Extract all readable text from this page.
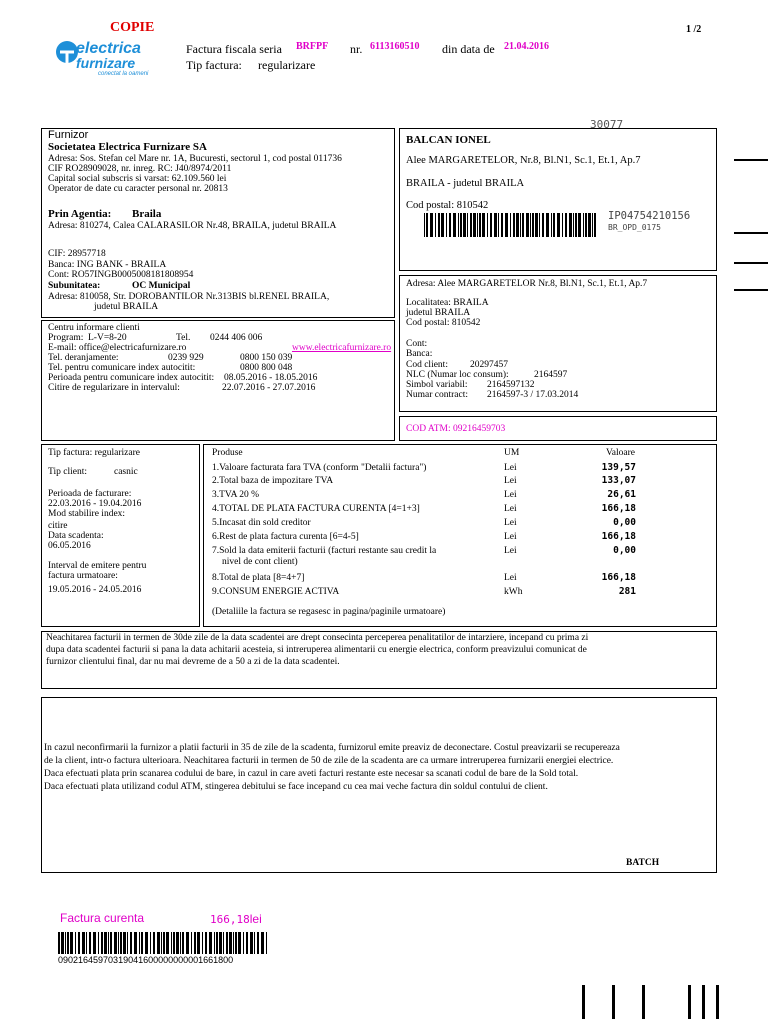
COPIE	1 /2
electrica
furnizare
conectat la oameni
Factura fiscala seria BRFPF nr. 6113160510 din data de 21.04.2016
Tip factura: regularizare
30077
Furnizor
Societatea Electrica Furnizare SA
Adresa: Sos. Stefan cel Mare nr. 1A, Bucuresti, sectorul 1, cod postal 011736
CIF RO28909028, nr. inreg. RC: J40/8974/2011
Capital social subscris si varsat: 62.109.560 lei
Operator de date cu caracter personal nr. 20813
Prin Agentia: Braila
Adresa: 810274, Calea CALARASILOR Nr.48, BRAILA, judetul BRAILA
CIF: 28957718
Banca: ING BANK - BRAILA
Cont: RO57INGB0005008181808954
Subunitatea:	OC Municipal
Adresa: 810058, Str. DOROBANTILOR Nr.313BIS bl.RENEL BRAILA,
judetul BRAILA
BALCAN IONEL
Alee MARGARETELOR, Nr.8, Bl.N1, Sc.1, Et.1, Ap.7
BRAILA - judetul BRAILA
Cod postal: 810542
IP04754210156
BR_OPD_0175
Adresa: Alee MARGARETELOR Nr.8, Bl.N1, Sc.1, Et.1, Ap.7
Localitatea: BRAILA
judetul BRAILA
Cod postal: 810542
Cont:
Banca:
Cod client: 20297457
NLC (Numar loc consum):	2164597
Simbol variabil: 2164597132
Numar contract: 2164597-3 / 17.03.2014
COD ATM: 09216459703
Centru informare clienti
Program: L-V=8-20	Tel. 0244 406 006
E-mail: office@electricafurnizare.ro	www.electricafurnizare.ro
Tel. deranjamente:	0239 929	0800 150 039
Tel. pentru comunicare index autocitit:	0800 800 048
Perioada pentru comunicare index autocitit: 08.05.2016 - 18.05.2016
Citire de regularizare in intervalul:	22.07.2016 - 27.07.2016
Tip factura: regularizare
Tip client:	casnic
Perioada de facturare:
22.03.2016 - 19.04.2016
Mod stabilire index:
citire
Data scadenta:
06.05.2016
Interval de emitere pentru
factura urmatoare:
19.05.2016 - 24.05.2016
Produse	UM	Valoare
1.Valoare facturata fara TVA (conform "Detalii factura")	Lei	139,57
2.Total baza de impozitare TVA	Lei	133,07
3.TVA 20 %	Lei	26,61
4.TOTAL DE PLATA FACTURA CURENTA [4=1+3]	Lei	166,18
5.Incasat din sold creditor	Lei	0,00
6.Rest de plata factura curenta [6=4-5]	Lei	166,18
7.Sold la data emiterii facturii (facturi restante sau credit la
nivel de cont client)
Lei	0,00
8.Total de plata [8=4+7]	Lei	166,18
9.CONSUM ENERGIE ACTIVA	kWh	281
(Detaliile la factura se regasesc in pagina/paginile urmatoare)
Neachitarea facturii in termen de 30de zile de la data scadentei are drept consecinta perceperea penalitatilor de intarziere, incepand cu prima zi
dupa data scadentei facturii si pana la data achitarii acesteia, si intreruperea alimentarii cu energie electrica, conform preavizului comunicat de
furnizor clientului final, dar nu mai devreme de a 50 a zi de la data scadentei.
In cazul neconfirmarii la furnizor a platii facturii in 35 de zile de la scadenta, furnizorul emite preaviz de deconectare. Costul preavizarii se recupereaza
de la client, intr-o factura ulterioara. Neachitarea facturii in termen de 50 de zile de la scadenta are ca urmare intreruperea furnizarii energiei electrice.
Daca efectuati plata prin scanarea codului de bare, in cazul in care aveti facturi restante este necesar sa scanati codul de bare de la Sold total.
Daca efectuati plata utilizand codul ATM, stingerea debitului se face incepand cu cea mai veche factura din soldul contului de client.
BATCH
Factura curenta	166,18lei
09021645970319041600000000001661800
